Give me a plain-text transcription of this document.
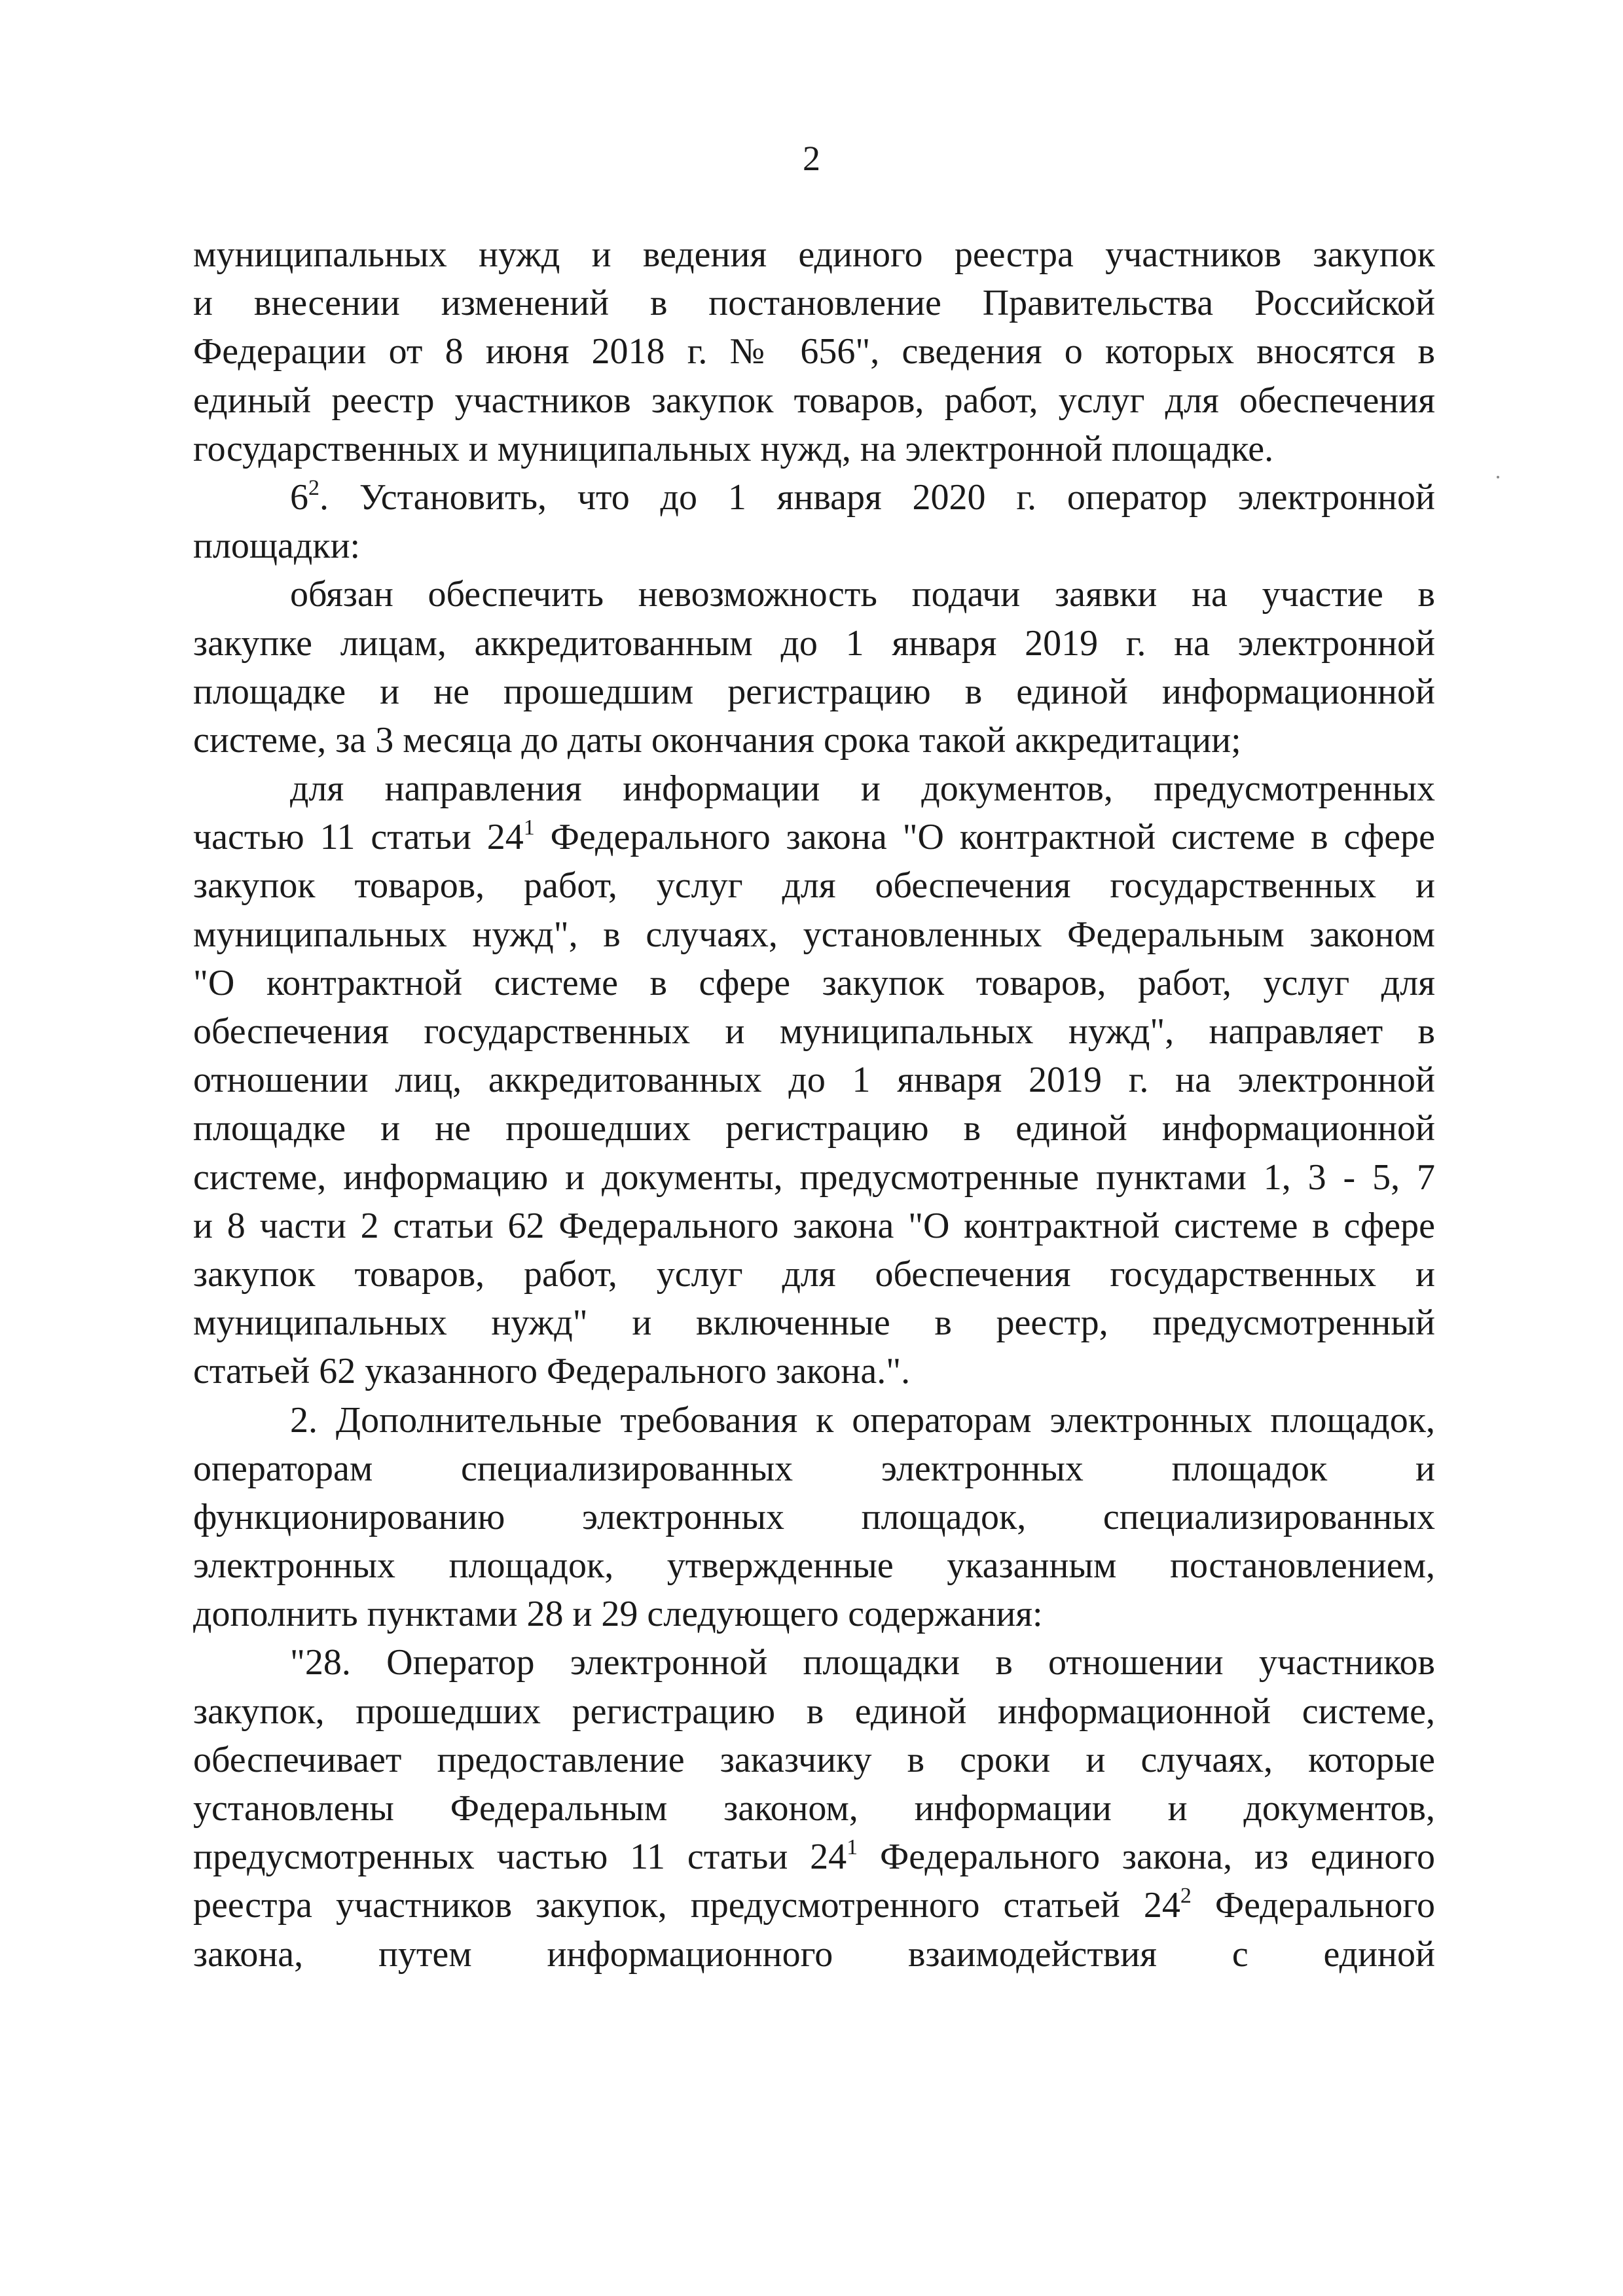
2
муниципальных нужд и ведения единого реестра участников закупок
и внесении изменений в постановление Правительства Российской
Федерации от 8 июня 2018 г. № 656", сведения о которых вносятся в
единый реестр участников закупок товаров, работ, услуг для обеспечения
государственных и муниципальных нужд, на электронной площадке.
$6^2$. Установить, что до 1 января 2020 г. оператор электронной
площадки:
обязан обеспечить невозможность подачи заявки на участие в
закупке лицам, аккредитованным до 1 января 2019 г. на электронной
площадке и не прошедшим регистрацию в единой информационной
системе, за 3 месяца до даты окончания срока такой аккредитации;
для направления информации и документов, предусмотренных
частью 11 статьи $24^1$ Федерального закона "О контрактной системе в сфере
закупок товаров, работ, услуг для обеспечения государственных и
муниципальных нужд", в случаях, установленных Федеральным законом
"О контрактной системе в сфере закупок товаров, работ, услуг для
обеспечения государственных и муниципальных нужд", направляет в
отношении лиц, аккредитованных до 1 января 2019 г. на электронной
площадке и не прошедших регистрацию в единой информационной
системе, информацию и документы, предусмотренные пунктами 1, 3 - 5, 7
и 8 части 2 статьи 62 Федерального закона "О контрактной системе в сфере
закупок товаров, работ, услуг для обеспечения государственных и
муниципальных нужд" и включенные в реестр, предусмотренный
статьей 62 указанного Федерального закона.".
2. Дополнительные требования к операторам электронных площадок,
операторам специализированных электронных площадок и
функционированию электронных площадок, специализированных
электронных площадок, утвержденные указанным постановлением,
дополнить пунктами 28 и 29 следующего содержания:
"28. Оператор электронной площадки в отношении участников
закупок, прошедших регистрацию в единой информационной системе,
обеспечивает предоставление заказчику в сроки и случаях, которые
установлены Федеральным законом, информации и документов,
предусмотренных частью 11 статьи $24^1$ Федерального закона, из единого
реестра участников закупок, предусмотренного статьей $24^2$ Федерального
закона, путем информационного взаимодействия с единой
